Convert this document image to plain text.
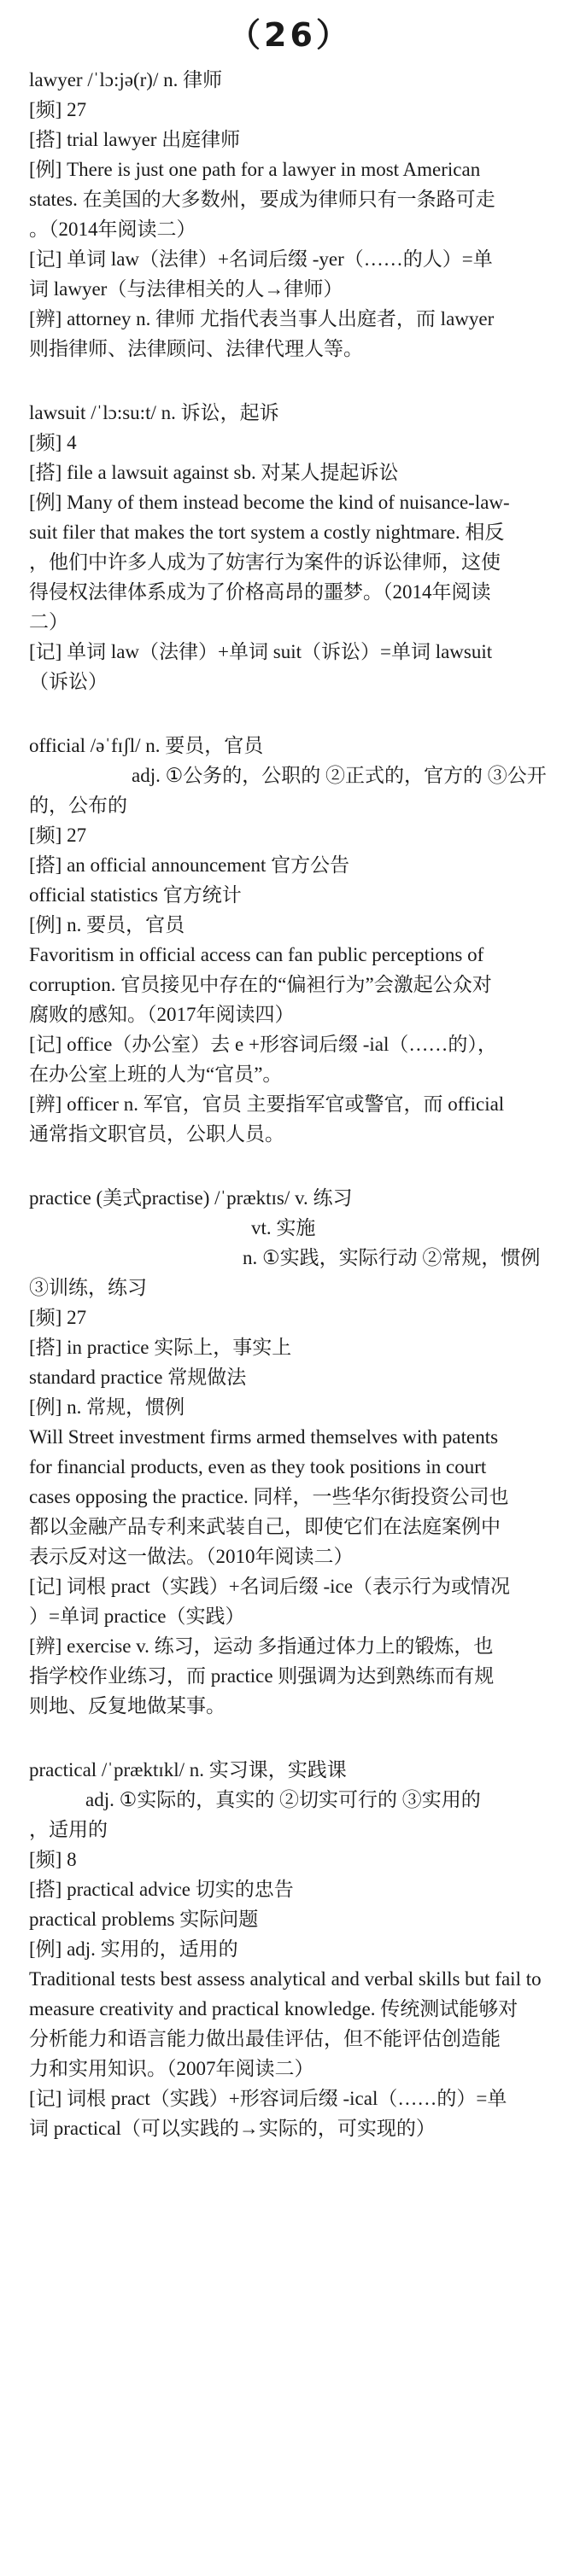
（26）

lawyer /ˈlɔ:jə(r)/ n. 律师

[频] 27

[搭] trial lawyer 出庭律师

[例] There is just one path for a lawyer in most American

states. 在美国的大多数州，要成为律师只有一条路可走

。（2014年阅读二）

[记] 单词 law（法律）+名词后缀 -yer（……的人）=单

词 lawyer（与法律相关的人→律师）

[辨] attorney n. 律师 尤指代表当事人出庭者，而 lawyer

则指律师、法律顾问、法律代理人等。

lawsuit /ˈlɔ:su:t/ n. 诉讼，起诉

[频] 4

[搭] file a lawsuit against sb. 对某人提起诉讼

[例] Many of them instead become the kind of nuisance-law-

suit filer that makes the tort system a costly nightmare. 相反

，他们中许多人成为了妨害行为案件的诉讼律师，这使

得侵权法律体系成为了价格高昂的噩梦。（2014年阅读

二）

[记] 单词 law（法律）+单词 suit（诉讼）=单词 lawsuit

（诉讼）

official /əˈfɪʃl/ n. 要员，官员

adj. ①公务的，公职的 ②正式的，官方的 ③公开

的，公布的

[频] 27

[搭] an official announcement 官方公告

official statistics 官方统计

[例] n. 要员，官员

Favoritism in official access can fan public perceptions of

corruption. 官员接见中存在的“偏袒行为”会激起公众对

腐败的感知。（2017年阅读四）

[记] office（办公室）去 e +形容词后缀 -ial（……的），

在办公室上班的人为“官员”。

[辨] officer n. 军官，官员 主要指军官或警官，而 official

通常指文职官员，公职人员。

practice (美式practise) /ˈpræktɪs/ v. 练习

vt. 实施

n. ①实践，实际行动 ②常规，惯例

③训练，练习

[频] 27

[搭] in practice 实际上，事实上

standard practice 常规做法

[例] n. 常规，惯例

Will Street investment firms armed themselves with patents

for financial products, even as they took positions in court

cases opposing the practice. 同样，一些华尔街投资公司也

都以金融产品专利来武装自己，即使它们在法庭案例中

表示反对这一做法。（2010年阅读二）

[记] 词根 pract（实践）+名词后缀 -ice（表示行为或情况

）=单词 practice（实践）

[辨] exercise v. 练习，运动 多指通过体力上的锻炼，也

指学校作业练习，而 practice 则强调为达到熟练而有规

则地、反复地做某事。

practical /ˈpræktɪkl/ n. 实习课，实践课

adj. ①实际的，真实的 ②切实可行的 ③实用的

，适用的

[频] 8

[搭] practical advice 切实的忠告

practical problems 实际问题

[例] adj. 实用的，适用的

Traditional tests best assess analytical and verbal skills but fail to

measure creativity and practical knowledge. 传统测试能够对

分析能力和语言能力做出最佳评估，但不能评估创造能

力和实用知识。（2007年阅读二）

[记] 词根 pract（实践）+形容词后缀 -ical（……的）=单

词 practical（可以实践的→实际的，可实现的）
